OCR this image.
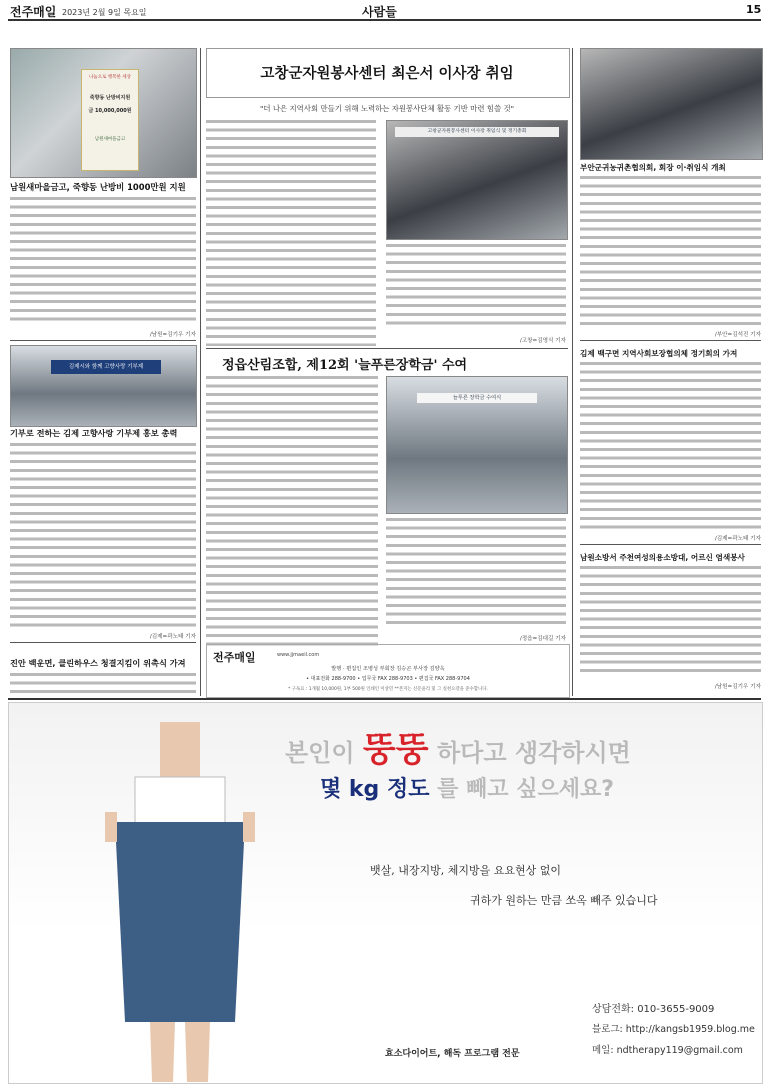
전주매일 2023년 2월 9일 목요일	사람들	15
나눔으로 행복한 세상
죽향동 난방비지원
금 10,000,000원
남원새마을금고
남원새마을금고, 죽향동 난방비 1000만원 지원
/남원=김기우 기자
김제시와 함께 고향사랑 기부제
기부로 전하는 김제 고향사랑 기부제 홍보 총력
/김제=곽노태 기자
진안 백운면, 클린하우스 청결지킴이 위촉식 가져
고창군자원봉사센터 최은서 이사장 취임
"더 나은 지역사회 만들기 위해 노력하는 자원봉사단체 활동 기반 마련 힘쓸 것"
고창군자원봉사센터 이사장 취임식 및 정기총회
/고창=김영식 기자
정읍산림조합, 제12회 '늘푸른장학금' 수여
늘푸른 장학금 수여식
/정읍=김대길 기자
전주매일	www.jjmaeil.com
발행 · 편집인 조병성 부회장 김승곤 부사장 김양옥
• 대표전화 288-9700 • 업무국 FAX 288-9703 • 편집국 FAX 288-9704
* 구독료 : 1개월 10,000원, 1부 500원 인쇄인 이상민 **본지는 신문윤리 및 그 실천요강을 준수합니다.
부안군귀농귀촌협의회, 회장 이·취임식 개최
/부안=김석진 기자
김제 백구면 지역사회보장협의체 정기회의 가져
/김제=곽노태 기자
남원소방서 주천여성의용소방대, 어르신 염색봉사
/남원=김기우 기자
본인이 뚱뚱 하다고 생각하시면
몇 kg 정도 를 빼고 싶으세요?
뱃살, 내장지방, 체지방을 요요현상 없이
귀하가 원하는 만큼 쏘옥 빼주 있습니다
효소다이어트, 해독 프로그램 전문
상담전화: 010-3655-9009
블로그: http://kangsb1959.blog.me
메일: ndtherapy119@gmail.com
